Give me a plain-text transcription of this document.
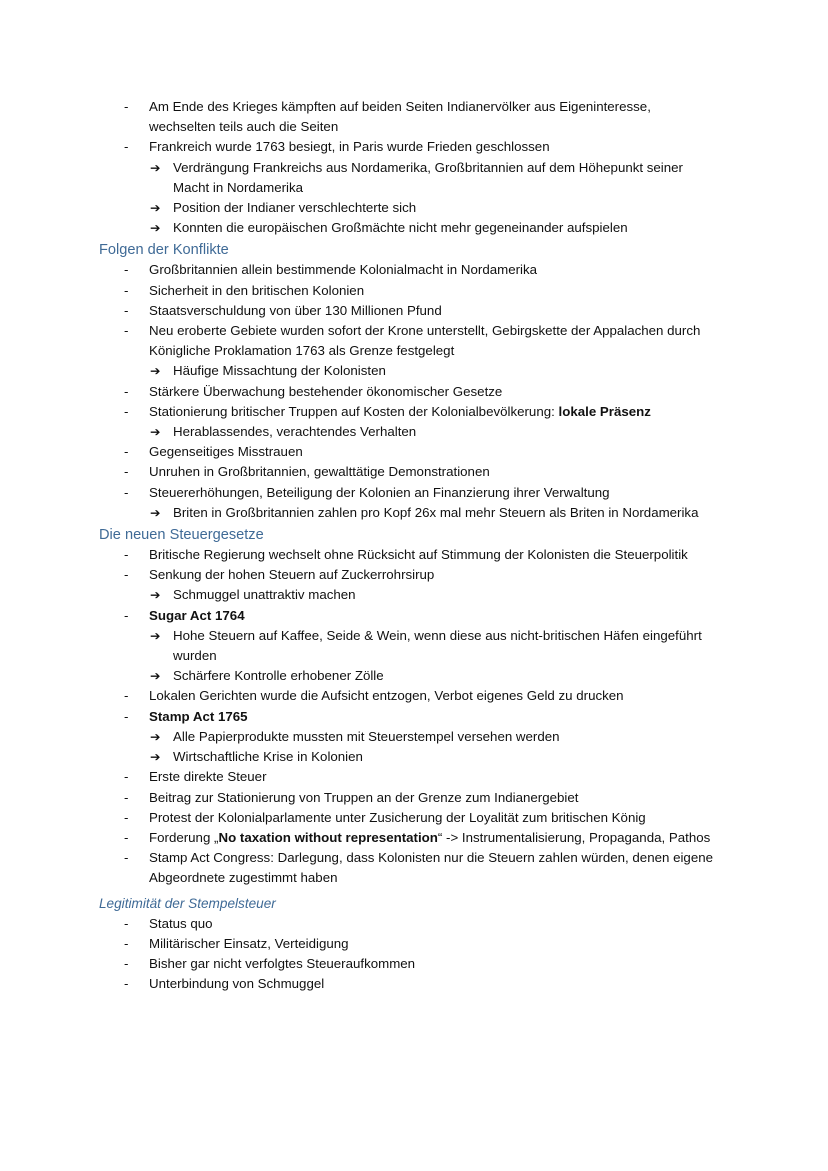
-	Am Ende des Krieges kämpften auf beiden Seiten Indianervölker aus Eigeninteresse, wechselten teils auch die Seiten
-	Frankreich wurde 1763 besiegt, in Paris wurde Frieden geschlossen
➔ Verdrängung Frankreichs aus Nordamerika, Großbritannien auf dem Höhepunkt seiner Macht in Nordamerika
➔ Position der Indianer verschlechterte sich
➔ Konnten die europäischen Großmächte nicht mehr gegeneinander aufspielen
Folgen der Konflikte
-	Großbritannien allein bestimmende Kolonialmacht in Nordamerika
-	Sicherheit in den britischen Kolonien
-	Staatsverschuldung von über 130 Millionen Pfund
-	Neu eroberte Gebiete wurden sofort der Krone unterstellt, Gebirgskette der Appalachen durch Königliche Proklamation 1763 als Grenze festgelegt
➔ Häufige Missachtung der Kolonisten
-	Stärkere Überwachung bestehender ökonomischer Gesetze
-	Stationierung britischer Truppen auf Kosten der Kolonialbevölkerung: lokale Präsenz
➔ Herablassendes, verachtendes Verhalten
-	Gegenseitiges Misstrauen
-	Unruhen in Großbritannien, gewalttätige Demonstrationen
-	Steuererhöhungen, Beteiligung der Kolonien an Finanzierung ihrer Verwaltung
➔ Briten in Großbritannien zahlen pro Kopf 26x mal mehr Steuern als Briten in Nordamerika
Die neuen Steuergesetze
-	Britische Regierung wechselt ohne Rücksicht auf Stimmung der Kolonisten die Steuerpolitik
-	Senkung der hohen Steuern auf Zuckerrohrsirup
➔ Schmuggel unattraktiv machen
-	Sugar Act 1764
➔ Hohe Steuern auf Kaffee, Seide & Wein, wenn diese aus nicht-britischen Häfen eingeführt wurden
➔ Schärfere Kontrolle erhobener Zölle
-	Lokalen Gerichten wurde die Aufsicht entzogen, Verbot eigenes Geld zu drucken
-	Stamp Act 1765
➔ Alle Papierprodukte mussten mit Steuerstempel versehen werden
➔ Wirtschaftliche Krise in Kolonien
-	Erste direkte Steuer
-	Beitrag zur Stationierung von Truppen an der Grenze zum Indianergebiet
-	Protest der Kolonialparlamente unter Zusicherung der Loyalität zum britischen König
-	Forderung „No taxation without representation“ -> Instrumentalisierung, Propaganda, Pathos
-	Stamp Act Congress: Darlegung, dass Kolonisten nur die Steuern zahlen würden, denen eigene Abgeordnete zugestimmt haben
Legitimität der Stempelsteuer
-	Status quo
-	Militärischer Einsatz, Verteidigung
-	Bisher gar nicht verfolgtes Steueraufkommen
-	Unterbindung von Schmuggel
